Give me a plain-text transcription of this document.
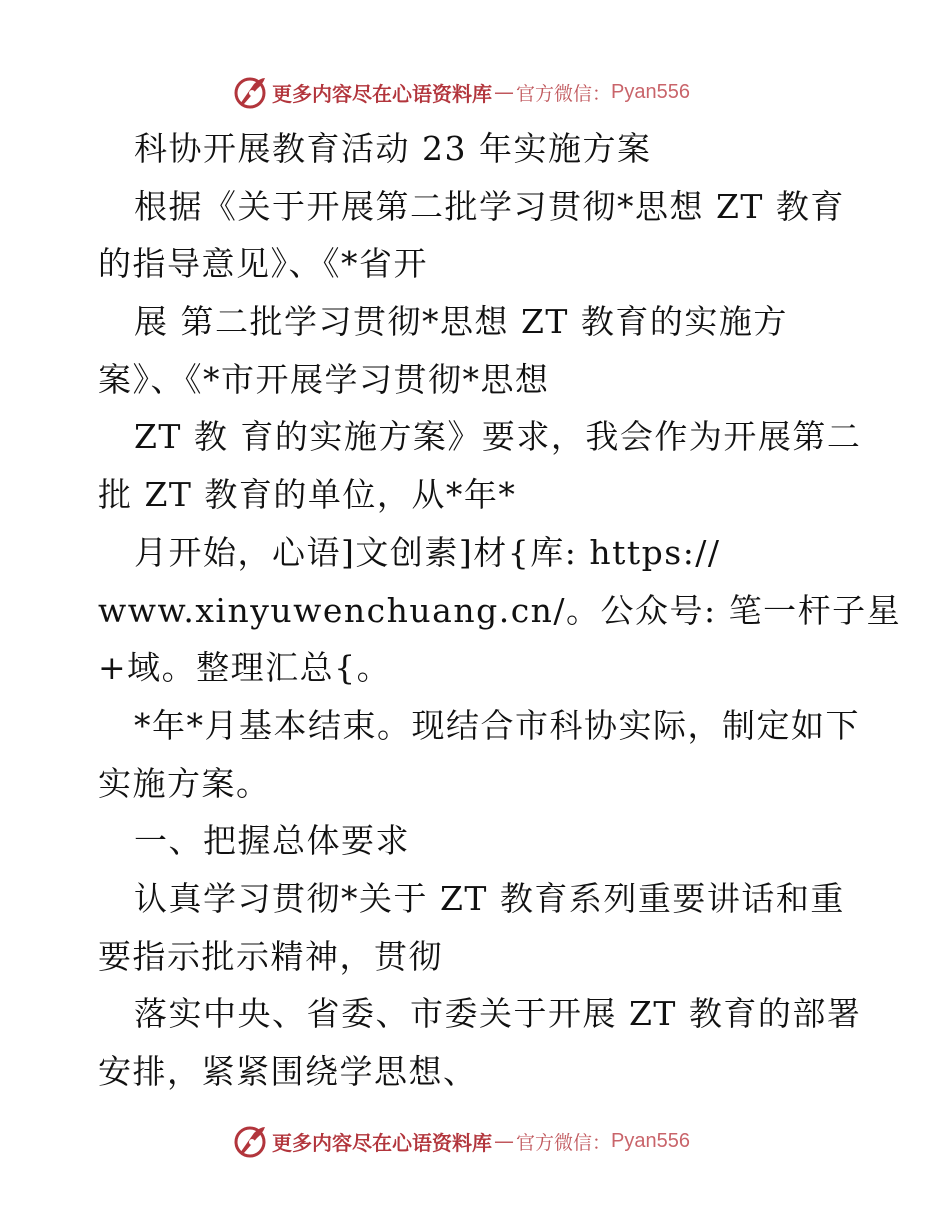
更多内容尽在心语资料库 — 官方微信： Pyan556
科协开展教育活动 23 年实施方案
根据《关于开展第二批学习贯彻*思想 ZT 教育
的指导意见》、《*省开
展 第二批学习贯彻*思想 ZT 教育的实施方
案》、《*市开展学习贯彻*思想
ZT 教 育的实施方案》要求，我会作为开展第二
批 ZT 教育的单位，从*年*
月开始，心语]文创素]材{库: https://
www.xinyuwenchuang.cn/。公众号: 笔一杆子星
+域。整理汇总{。
*年*月基本结束。现结合市科协实际，制定如下
实施方案。
一、把握总体要求
认真学习贯彻*关于 ZT 教育系列重要讲话和重
要指示批示精神，贯彻
落实中央、省委、市委关于开展 ZT 教育的部署
安排，紧紧围绕学思想、
更多内容尽在心语资料库 — 官方微信： Pyan556
